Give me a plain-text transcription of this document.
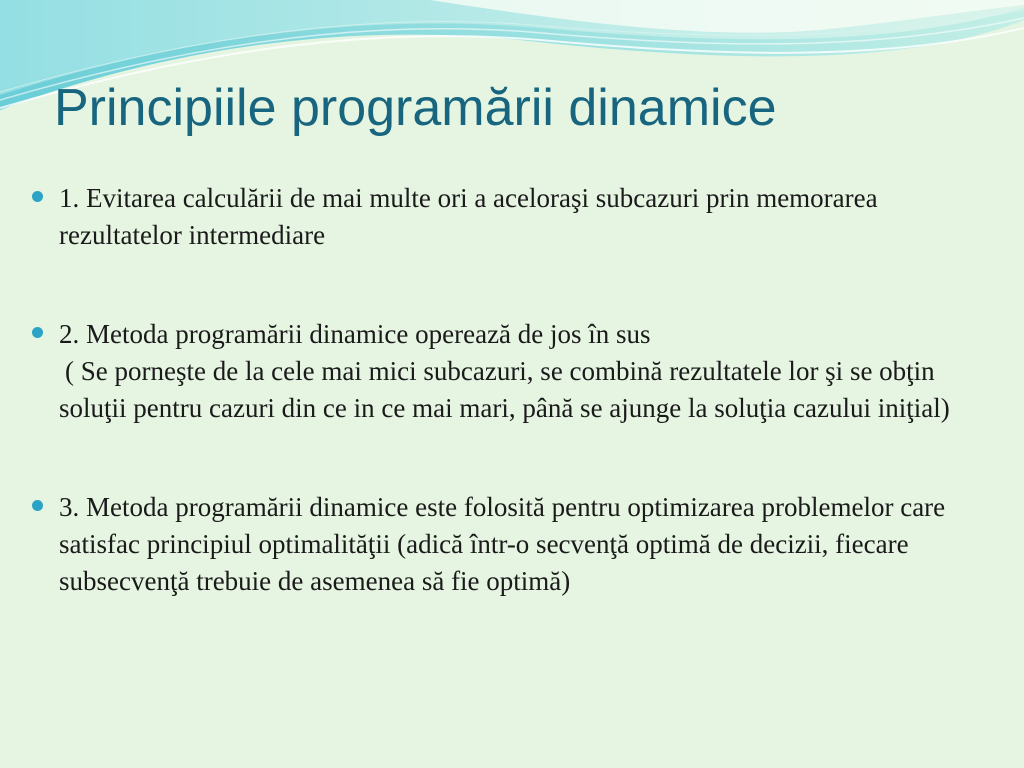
Principiile programării dinamice

1. Evitarea calculării de mai multe ori a aceloraşi subcazuri prin memorarea rezultatelor intermediare

2. Metoda programării dinamice operează de jos în sus

( Se porneşte de la cele mai mici subcazuri, se combină rezultatele lor şi se obţin soluţii pentru cazuri din ce in ce mai mari, până se ajunge la soluţia cazului iniţial)

3. Metoda programării dinamice este folosită pentru optimizarea problemelor care satisfac principiul optimalităţii (adică într-o secvenţă optimă de decizii, fiecare subsecvenţă trebuie de asemenea să fie optimă)
